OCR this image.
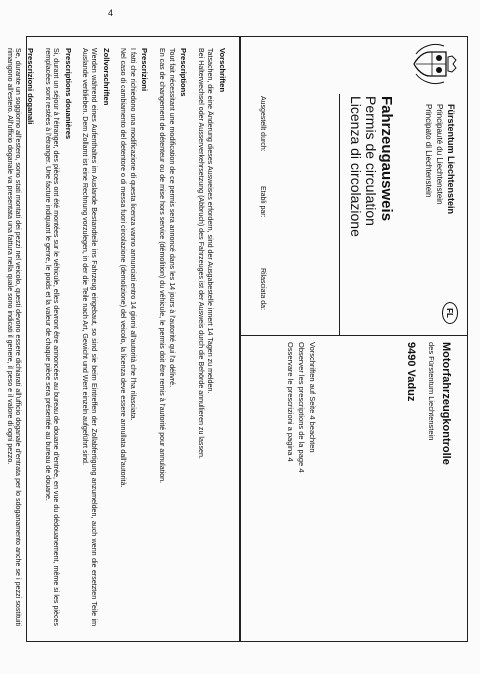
4
Vorschriften
Tatsachen, die eine Änderung dieses Ausweises erfordern, sind der Ausgabestelle innert 14 Tagen zu melden.
Bei Halterwechsel oder Ausserverkehrsetzung (Abbruch) des Fahrzeuges ist der Ausweis durch die Behörde annullieren zu lassen.
Prescriptions
Tout fait nécessitant une modification de ce permis sera annoncé dans les 14 jours à l'autorité qui l'a délivré.
En cas de changement de détenteur ou de mise hors service (démolition) du véhicule, le permis doit être remis à l'autorité pour annulation.
Prescrizioni
I fatti che richiedono una modificazione di questa licenza vanno annunciati entro 14 giorni all'autorità che l'ha rilasciata.
Nel caso di cambiamento del detentore o di messa fuori circolazione (demolizione) del veicolo, la licenza deve essere annullata dall'autorità.
Zollvorschriften
Werden während eines Aufenthaltes im Auslande Bestandteile ins Fahrzeug eingebaut, so sind sie beim Eintreffen der Zollabfertigung anzumelden, auch wenn die ersetzten Teile im Auslande verblieben. Dem Zollamt ist eine Rechnung vorzulegen, in der die Teile nach Art, Gewicht und Wert einzeln aufgeführt sind.
Prescriptions douanières
Si, durant un séjour à l'étranger, des pièces ont été montées sur le véhicule, elles devront être annoncées au bureau de douane d'entrée, en vue du dédouanement, même si les pièces remplacées sont restées à l'étranger. Une facture indiquant le genre, le poids et la valeur de chaque pièce sera présentée au bureau de douane.
Prescrizioni doganali
Se, durante un soggiorno all'estero, sono stati montati dei pezzi nel veicolo, questi devono essere dichiarati all'ufficio doganale d'entrata per lo sdoganamento anche se i pezzi sostituiti rimangono all'estero. All'ufficio doganale va presentata una fattura nella quale sono indicati il genere, il peso e il valore di ogni pezzo.	Fürstentum Liechtenstein
Principauté du Liechtenstein
Principato di Liechtenstein
FL
Fahrzeugausweis
Permis de circulation
Licenza di circolazione
Ausgestellt durch:
Etabli par:
Rilasciata da:
Motorfahrzeugkontrolle
des Fürstentum Liechtenstein
9490 Vaduz
Vorschriften auf Seite 4 beachten
Observer les prescriptions de la page 4
Osservare le prescrizioni a pagina 4
